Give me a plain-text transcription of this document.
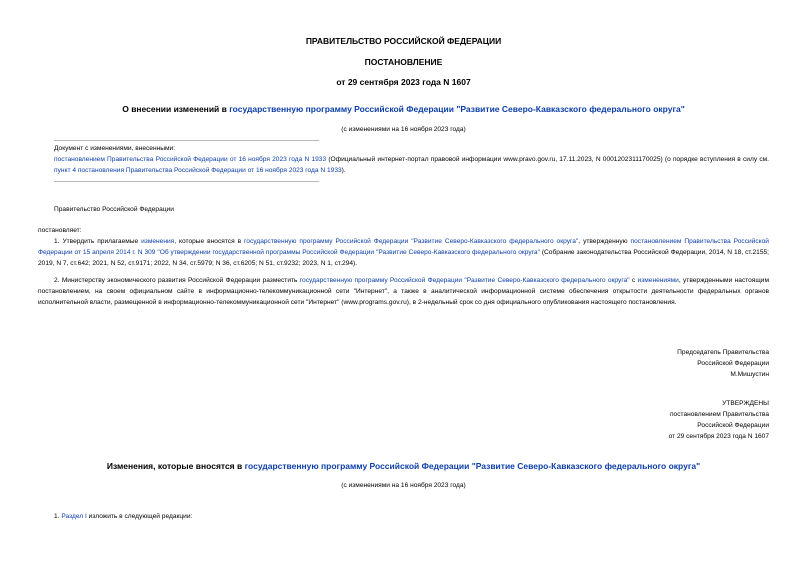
ПРАВИТЕЛЬСТВО РОССИЙСКОЙ ФЕДЕРАЦИИ
ПОСТАНОВЛЕНИЕ
от 29 сентября 2023 года N 1607
О внесении изменений в государственную программу Российской Федерации "Развитие Северо-Кавказского федерального округа"
(с изменениями на 16 ноября 2023 года)
Документ с изменениями, внесенными:
постановлением Правительства Российской Федерации от 16 ноября 2023 года N 1933 (Официальный интернет-портал правовой информации www.pravo.gov.ru, 17.11.2023, N 0001202311170025) (о порядке вступления в силу см. пункт 4 постановления Правительства Российской Федерации от 16 ноября 2023 года N 1933).
Правительство Российской Федерации
постановляет:
1. Утвердить прилагаемые изменения, которые вносятся в государственную программу Российской Федерации "Развитие Северо-Кавказского федерального округа", утвержденную постановлением Правительства Российской Федерации от 15 апреля 2014 г. N 309 "Об утверждении государственной программы Российской Федерации "Развитие Северо-Кавказского федерального округа" (Собрание законодательства Российской Федерации, 2014, N 18, ст.2155; 2019, N 7, ст.642; 2021, N 52, ст.9171; 2022, N 34, ст.5979; N 36, ст.6205; N 51, ст.9232; 2023, N 1, ст.294).
2. Министерству экономического развития Российской Федерации разместить государственную программу Российской Федерации "Развитие Северо-Кавказского федерального округа" с изменениями, утвержденными настоящим постановлением, на своем официальном сайте в информационно-телекоммуникационной сети "Интернет", а также в аналитической информационной системе обеспечения открытости деятельности федеральных органов исполнительной власти, размещенной в информационно-телекоммуникационной сети "Интернет" (www.programs.gov.ru), в 2-недельный срок со дня официального опубликования настоящего постановления.
Председатель Правительства
Российской Федерации
М.Мишустин
УТВЕРЖДЕНЫ
постановлением Правительства
Российской Федерации
от 29 сентября 2023 года N 1607
Изменения, которые вносятся в государственную программу Российской Федерации "Развитие Северо-Кавказского федерального округа"
(с изменениями на 16 ноября 2023 года)
1. Раздел I изложить в следующей редакции:
